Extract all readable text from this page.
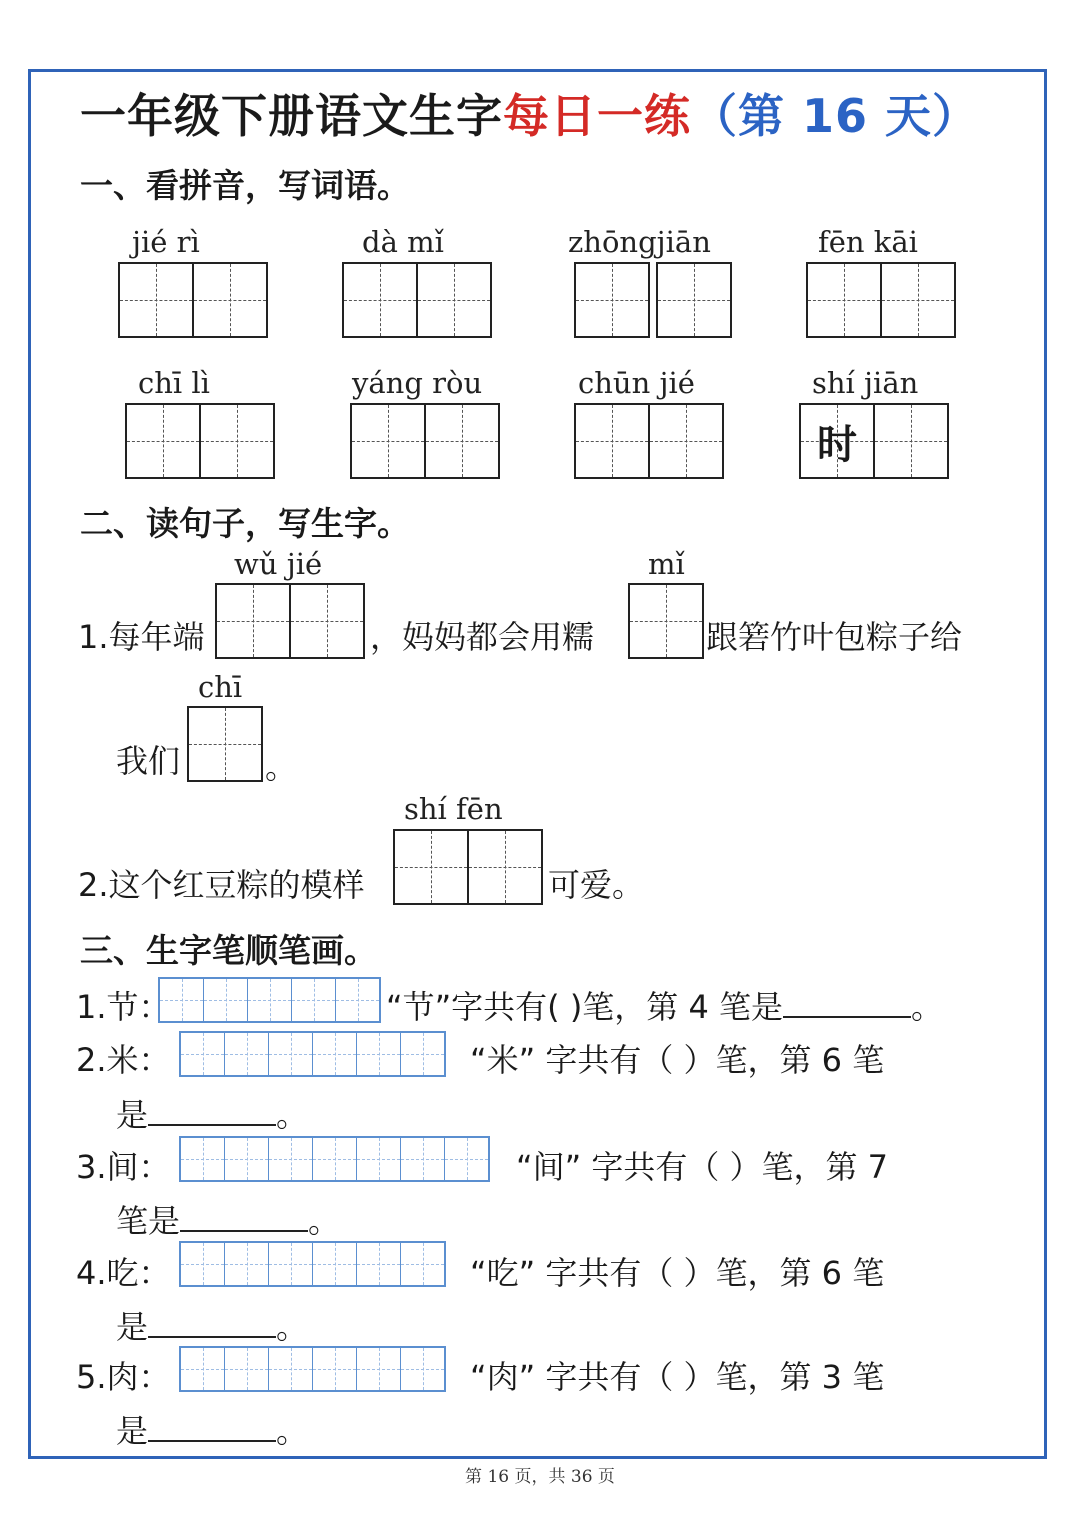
一年级下册语文生字每日一练（第 16 天）
一、看拼音，写词语。
jié rì	dà mǐ	zhōngjiān	fēn kāi
chī lì	yáng ròu	chūn jié	shí jiān
时
二、读句子，写生字。
wǔ jié	mǐ
1.每年端	，妈妈都会用糯	跟箬竹叶包粽子给
chī
我们	。
shí fēn
2.这个红豆粽的模样	可爱。
三、生字笔顺笔画。
1.节：	“节”字共有( )笔，第 4 笔是	。
2.米：	“米” 字共有（ ）笔，第 6 笔
是	。
3.间：	“间” 字共有（ ）笔，第 7
笔是	。
4.吃：	“吃” 字共有（ ）笔，第 6 笔
是	。
5.肉：	“肉” 字共有（ ）笔，第 3 笔
是	。
第 16 页，共 36 页
